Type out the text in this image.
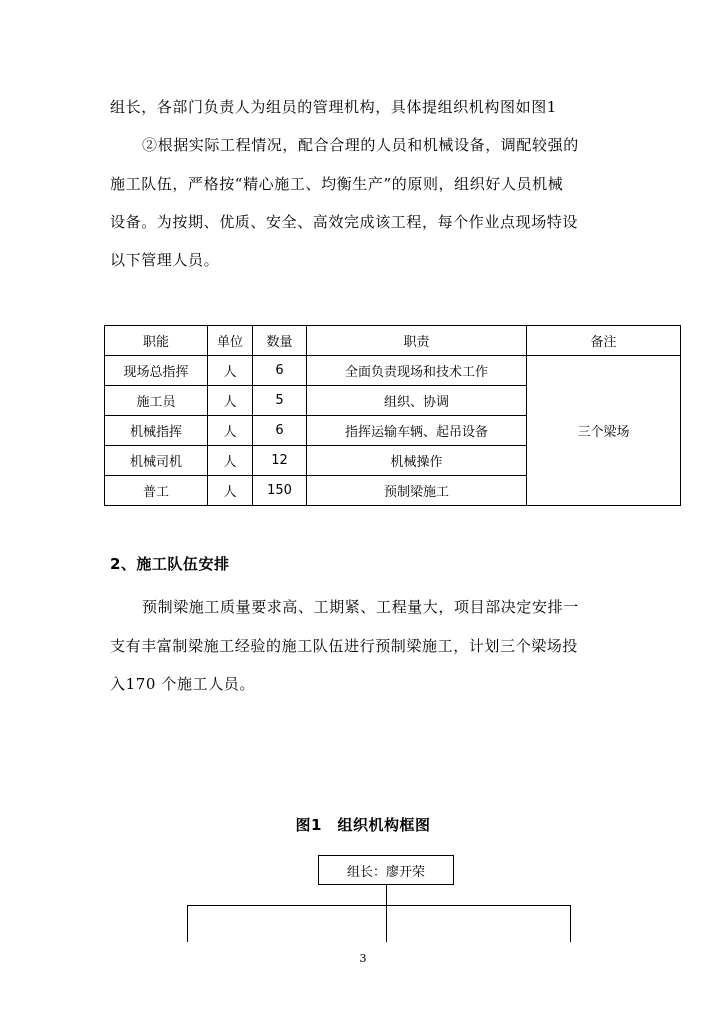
组长，各部门负责人为组员的管理机构，具体提组织机构图如图1

②根据实际工程情况，配合合理的人员和机械设备，调配较强的

施工队伍，严格按“精心施工、均衡生产”的原则，组织好人员机械

设备。为按期、优质、安全、高效完成该工程，每个作业点现场特设

以下管理人员。

职能	单位	数量	职责	备注
现场总指挥	人	6	全面负责现场和技术工作	三个梁场
施工员	人	5	组织、协调	
机械指挥	人	6	指挥运输车辆、起吊设备	
机械司机	人	12	机械操作	
普工	人	150	预制梁施工	
2、施工队伍安排

预制梁施工质量要求高、工期紧、工程量大，项目部决定安排一

支有丰富制梁施工经验的施工队伍进行预制梁施工，计划三个梁场投

入170 个施工人员。

图1　组织机构框图
组长：廖开荣
3
